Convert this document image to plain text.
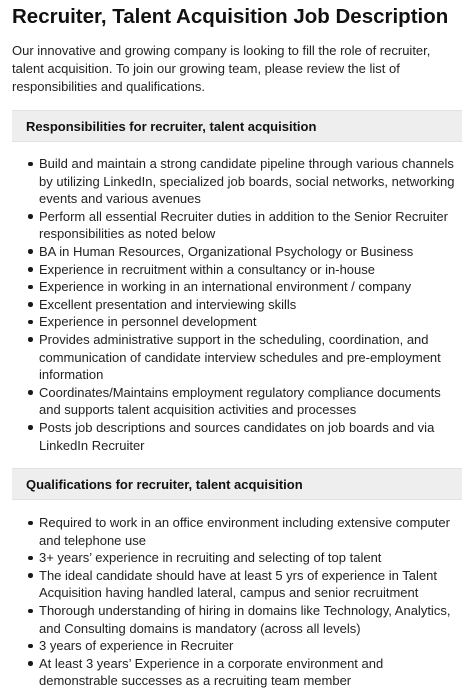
Recruiter, Talent Acquisition Job Description

Our innovative and growing company is looking to fill the role of recruiter, talent acquisition. To join our growing team, please review the list of responsibilities and qualifications.

Responsibilities for recruiter, talent acquisition
Build and maintain a strong candidate pipeline through various channels by utilizing LinkedIn, specialized job boards, social networks, networking events and various avenues
Perform all essential Recruiter duties in addition to the Senior Recruiter responsibilities as noted below
BA in Human Resources, Organizational Psychology or Business
Experience in recruitment within a consultancy or in-house
Experience in working in an international environment / company
Excellent presentation and interviewing skills
Experience in personnel development
Provides administrative support in the scheduling, coordination, and communication of candidate interview schedules and pre-employment information
Coordinates/Maintains employment regulatory compliance documents and supports talent acquisition activities and processes
Posts job descriptions and sources candidates on job boards and via LinkedIn Recruiter
Qualifications for recruiter, talent acquisition
Required to work in an office environment including extensive computer and telephone use
3+ years’ experience in recruiting and selecting of top talent
The ideal candidate should have at least 5 yrs of experience in Talent Acquisition having handled lateral, campus and senior recruitment
Thorough understanding of hiring in domains like Technology, Analytics, and Consulting domains is mandatory (across all levels)
3 years of experience in Recruiter
At least 3 years’ Experience in a corporate environment and demonstrable successes as a recruiting team member
